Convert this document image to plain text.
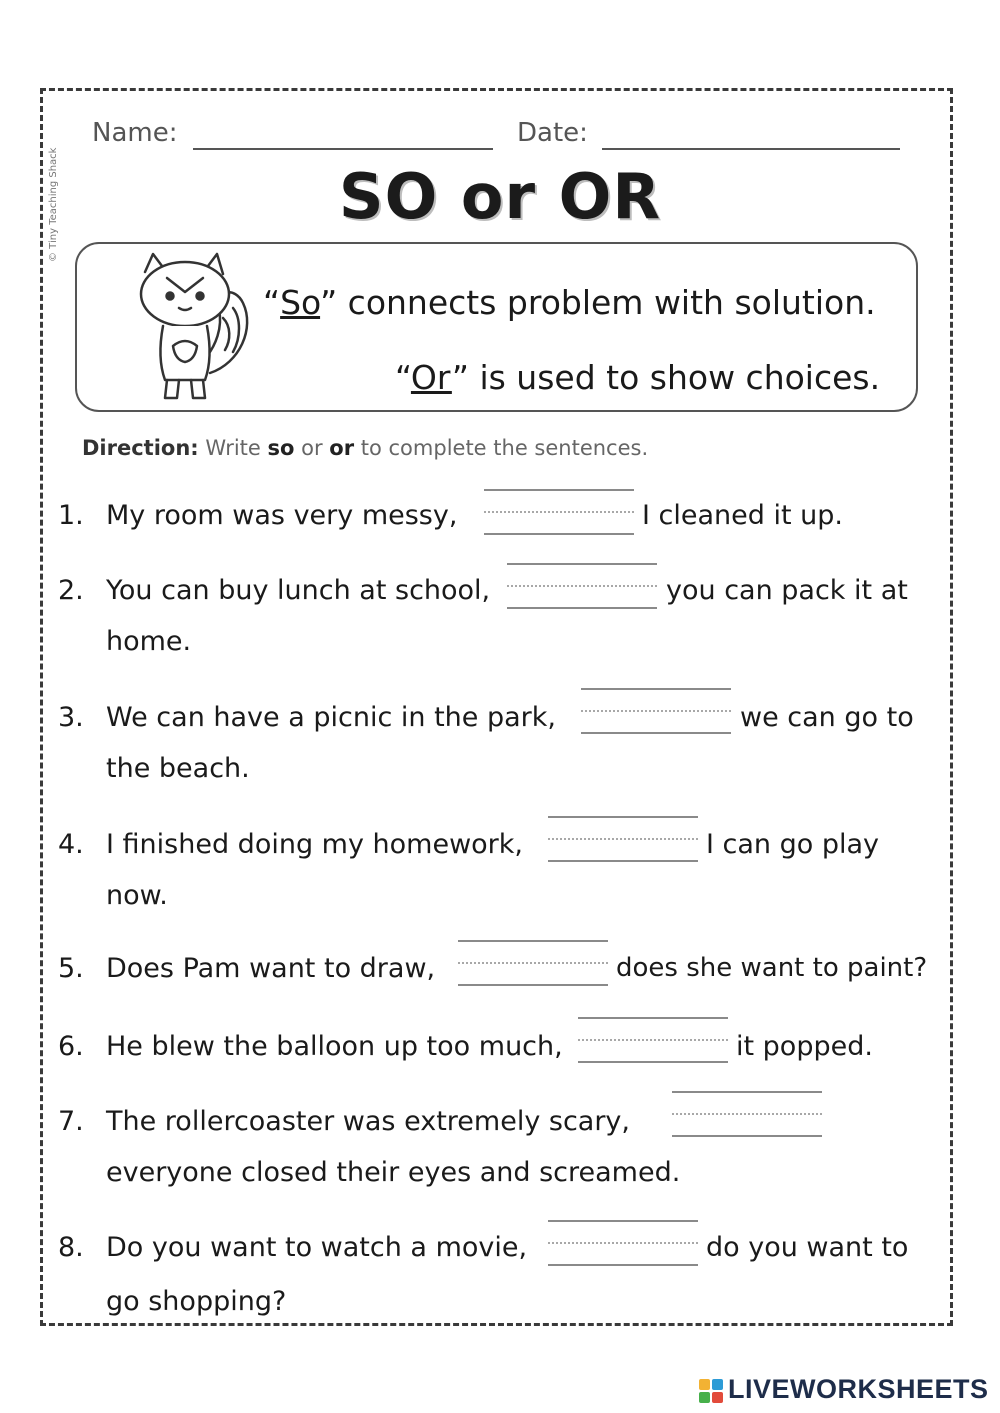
© Tiny Teaching Shack
Name:	Date:
SO or OR
“So” connects problem with solution.
“Or” is used to show choices.
Direction: Write so or or to complete the sentences.
1. My room was very messy,	I cleaned it up.
2. You can buy lunch at school,	you can pack it at
home.
3. We can have a picnic in the park,	we can go to
the beach.
4. I finished doing my homework,	I can go play
now.
5. Does Pam want to draw,	does she want to paint?
6. He blew the balloon up too much,	it popped.
7. The rollercoaster was extremely scary,
everyone closed their eyes and screamed.
8. Do you want to watch a movie,	do you want to
go shopping?
LIVEWORKSHEETS
